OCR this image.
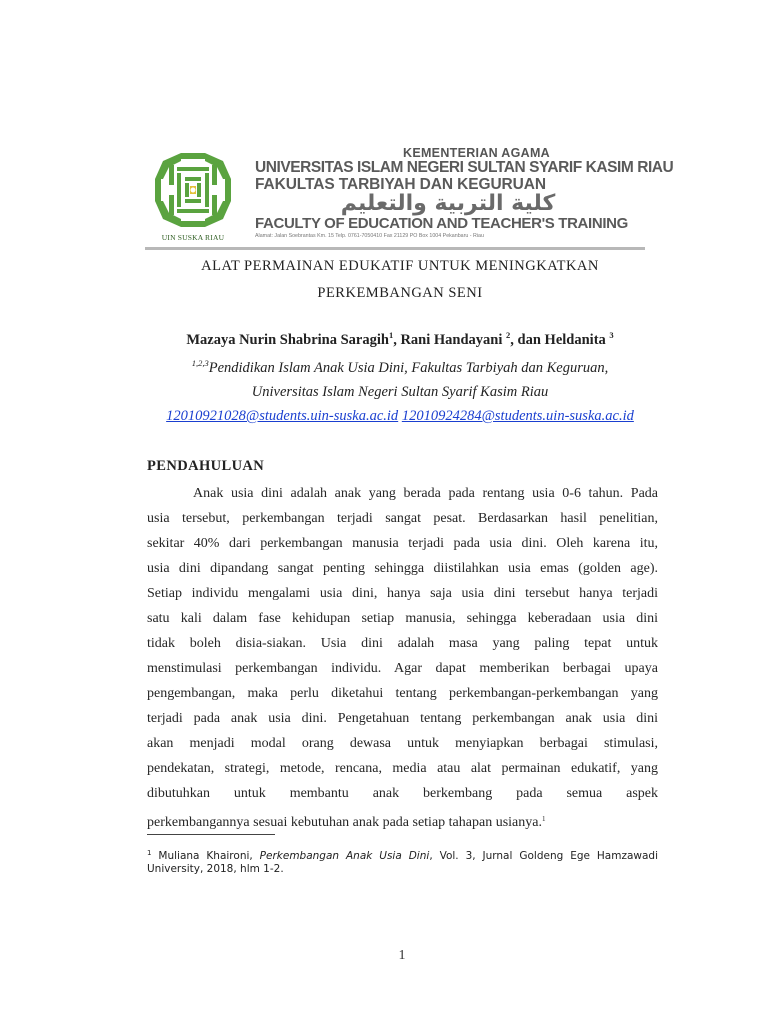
UIN SUSKA RIAU
KEMENTERIAN AGAMA
UNIVERSITAS ISLAM NEGERI SULTAN SYARIF KASIM RIAU
FAKULTAS TARBIYAH DAN KEGURUAN
كلية التربية والتعليم
FACULTY OF EDUCATION AND TEACHER'S TRAINING
Alamat: Jalan Soebrantas Km. 15 Telp. 0761-7050410 Fax 21129 PO Box 1004 Pekanbaru - Riau
ALAT PERMAINAN EDUKATIF UNTUK MENINGKATKAN
PERKEMBANGAN SENI
Mazaya Nurin Shabrina Saragih$^1$, Rani Handayani $^2$, dan Heldanita $^3$
$^{1,2,3}$Pendidikan Islam Anak Usia Dini, Fakultas Tarbiyah dan Keguruan,
Universitas Islam Negeri Sultan Syarif Kasim Riau
12010921028@students.uin-suska.ac.id 12010924284@students.uin-suska.ac.id
PENDAHULUAN
Anak usia dini adalah anak yang berada pada rentang usia 0-6 tahun. Pada
usia tersebut, perkembangan terjadi sangat pesat. Berdasarkan hasil penelitian,
sekitar 40% dari perkembangan manusia terjadi pada usia dini. Oleh karena itu,
usia dini dipandang sangat penting sehingga diistilahkan usia emas (golden age).
Setiap individu mengalami usia dini, hanya saja usia dini tersebut hanya terjadi
satu kali dalam fase kehidupan setiap manusia, sehingga keberadaan usia dini
tidak boleh disia-siakan. Usia dini adalah masa yang paling tepat untuk
menstimulasi perkembangan individu. Agar dapat memberikan berbagai upaya
pengembangan, maka perlu diketahui tentang perkembangan-perkembangan yang
terjadi pada anak usia dini. Pengetahuan tentang perkembangan anak usia dini
akan menjadi modal orang dewasa untuk menyiapkan berbagai stimulasi,
pendekatan, strategi, metode, rencana, media atau alat permainan edukatif, yang
dibutuhkan untuk membantu anak berkembang pada semua aspek
perkembangannya sesuai kebutuhan anak pada setiap tahapan usianya.$^1$
$^1$ Muliana Khaironi, Perkembangan Anak Usia Dini, Vol. 3, Jurnal Goldeng Ege Hamzawadi
University, 2018, hlm 1-2.
1
